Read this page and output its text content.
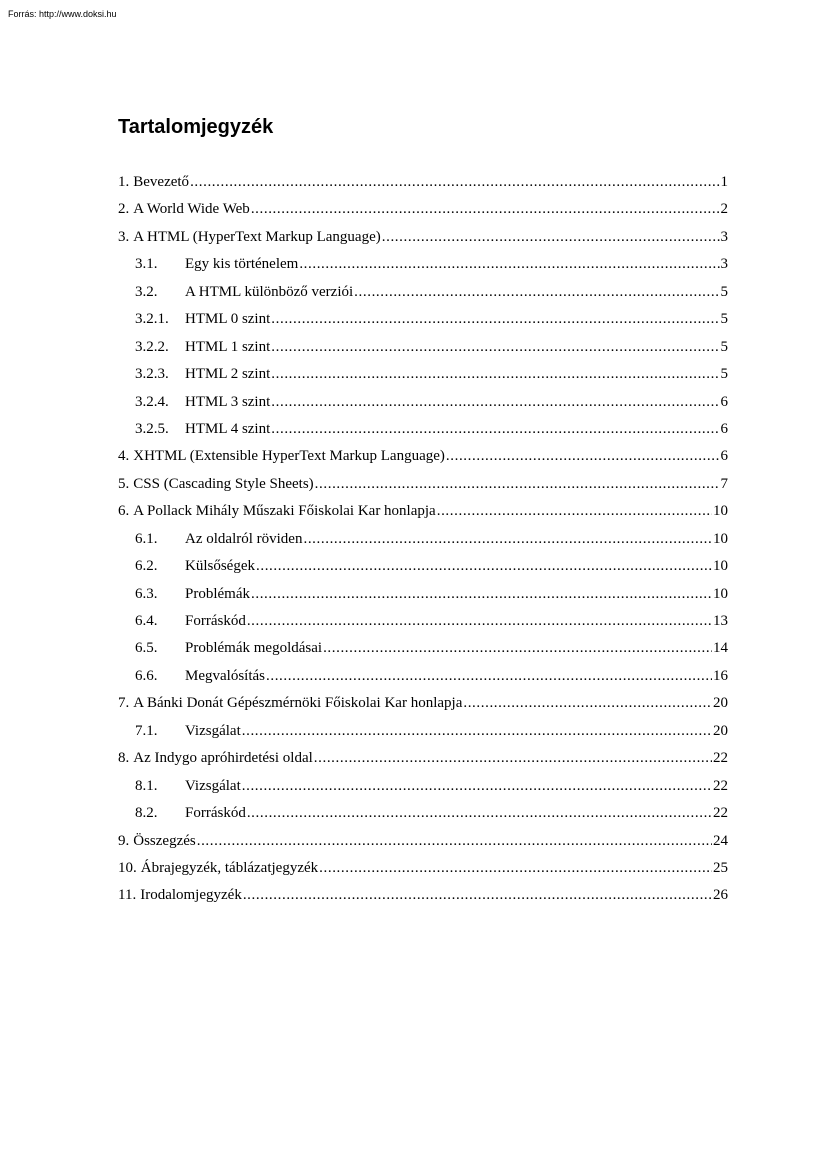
Forrás: http://www.doksi.hu
Tartalomjegyzék
1. Bevezető .....	1
2. A World Wide Web .....	2
3. A HTML (HyperText Markup Language) .....	3
3.1.	Egy kis történelem .....	3
3.2.	A HTML különböző verziói .....	5
3.2.1.	HTML 0 szint .....	5
3.2.2.	HTML 1 szint .....	5
3.2.3.	HTML 2 szint .....	5
3.2.4.	HTML 3 szint .....	6
3.2.5.	HTML 4 szint .....	6
4. XHTML (Extensible HyperText Markup Language) .....	6
5. CSS (Cascading Style Sheets) .....	7
6. A Pollack Mihály Műszaki Főiskolai Kar honlapja .....	10
6.1.	Az oldalról röviden .....	10
6.2.	Külsőségek .....	10
6.3.	Problémák .....	10
6.4.	Forráskód .....	13
6.5.	Problémák megoldásai .....	14
6.6.	Megvalósítás .....	16
7. A Bánki Donát Gépészmérnöki Főiskolai Kar honlapja .....	20
7.1.	Vizsgálat .....	20
8. Az Indygo apróhirdetési oldal .....	22
8.1.	Vizsgálat .....	22
8.2.	Forráskód .....	22
9. Összegzés .....	24
10. Ábrajegyzék, táblázatjegyzék .....	25
11. Irodalomjegyzék .....	26
